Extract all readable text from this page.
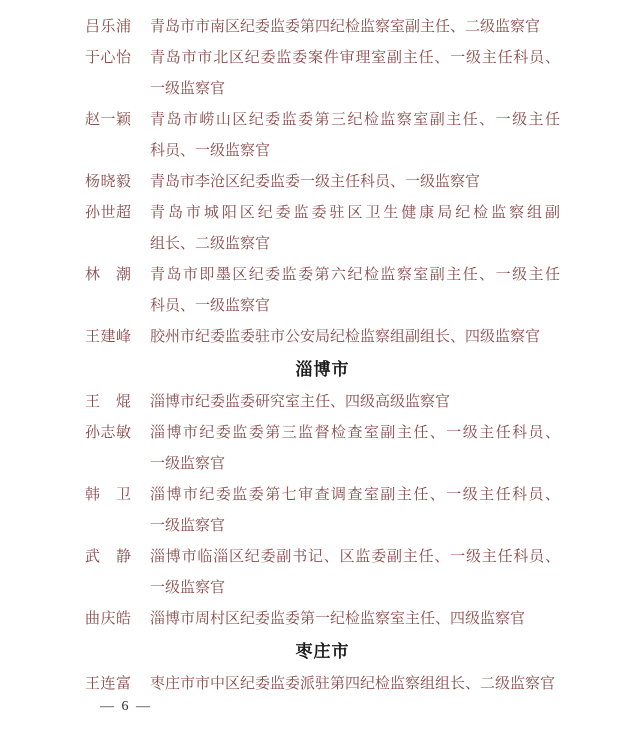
吕乐浦 青岛市市南区纪委监委第四纪检监察室副主任、二级监察官
于心怡 青岛市市北区纪委监委案件审理室副主任、一级主任科员、
一级监察官
赵一颖 青岛市崂山区纪委监委第三纪检监察室副主任、一级主任
科员、一级监察官
杨晓毅 青岛市李沧区纪委监委一级主任科员、一级监察官
孙世超 青岛市城阳区纪委监委驻区卫生健康局纪检监察组副
组长、二级监察官
林　潮 青岛市即墨区纪委监委第六纪检监察室副主任、一级主任
科员、一级监察官
王建峰 胶州市纪委监委驻市公安局纪检监察组副组长、四级监察官
淄博市
王　焜 淄博市纪委监委研究室主任、四级高级监察官
孙志敏 淄博市纪委监委第三监督检查室副主任、一级主任科员、
一级监察官
韩　卫 淄博市纪委监委第七审查调查室副主任、一级主任科员、
一级监察官
武　静 淄博市临淄区纪委副书记、区监委副主任、一级主任科员、
一级监察官
曲庆皓 淄博市周村区纪委监委第一纪检监察室主任、四级监察官
枣庄市
王连富 枣庄市市中区纪委监委派驻第四纪检监察组组长、二级监察官
— 6 —
